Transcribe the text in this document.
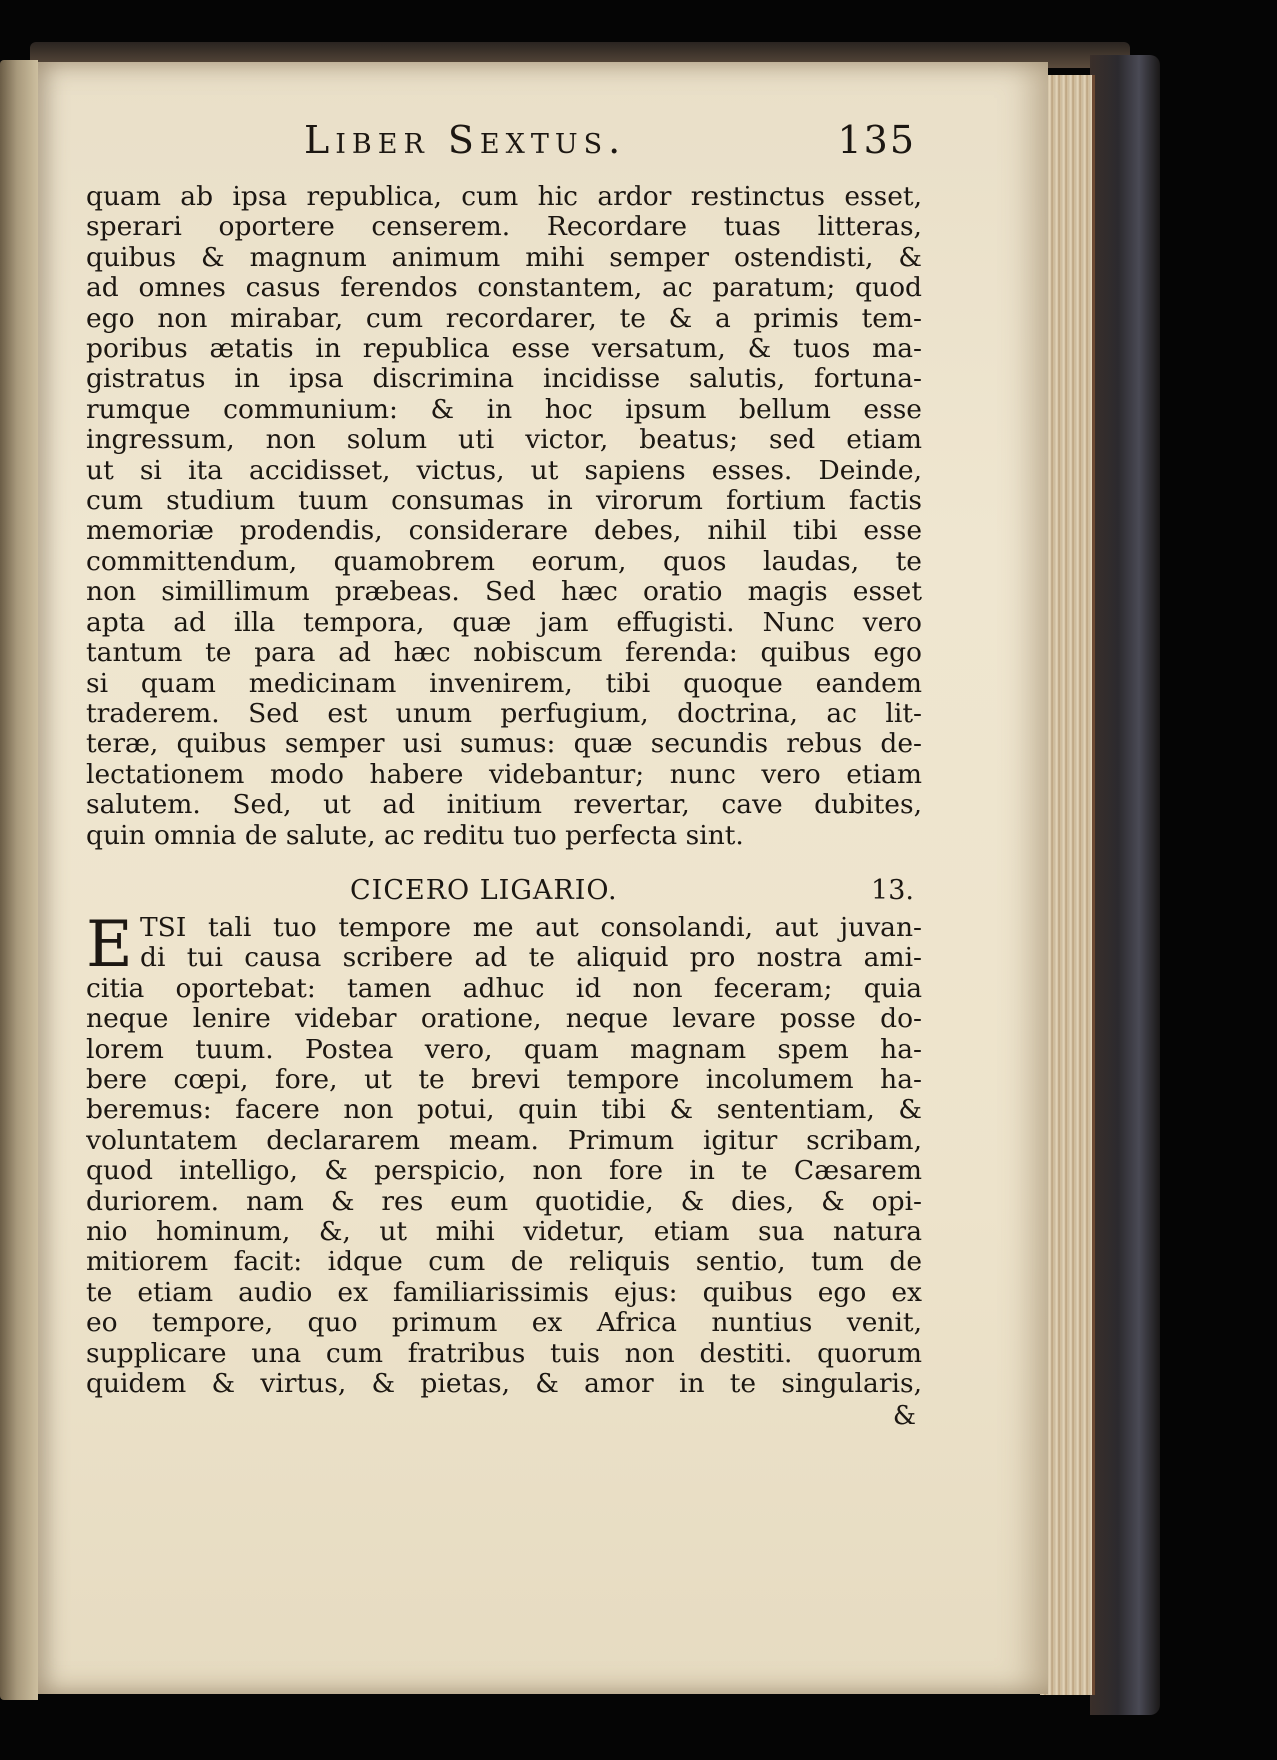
Liber Sextus.	135
quam ab ipsa republica, cum hic ardor restinctus esset,
sperari oportere censerem. Recordare tuas litteras,
quibus & magnum animum mihi semper ostendisti, &
ad omnes casus ferendos constantem, ac paratum; quod
ego non mirabar, cum recordarer, te & a primis tem-
poribus ætatis in republica esse versatum, & tuos ma-
gistratus in ipsa discrimina incidisse salutis, fortuna-
rumque communium: & in hoc ipsum bellum esse
ingressum, non solum uti victor, beatus; sed etiam
ut si ita accidisset, victus, ut sapiens esses. Deinde,
cum studium tuum consumas in virorum fortium factis
memoriæ prodendis, considerare debes, nihil tibi esse
committendum, quamobrem eorum, quos laudas, te
non simillimum præbeas. Sed hæc oratio magis esset
apta ad illa tempora, quæ jam effugisti. Nunc vero
tantum te para ad hæc nobiscum ferenda: quibus ego
si quam medicinam invenirem, tibi quoque eandem
traderem. Sed est unum perfugium, doctrina, ac lit-
teræ, quibus semper usi sumus: quæ secundis rebus de-
lectationem modo habere videbantur; nunc vero etiam
salutem. Sed, ut ad initium revertar, cave dubites,
quin omnia de salute, ac reditu tuo perfecta sint.
CICERO LIGARIO.	13.
E TSI tali tuo tempore me aut consolandi, aut juvan-
di tui causa scribere ad te aliquid pro nostra ami-
citia oportebat: tamen adhuc id non feceram; quia
neque lenire videbar oratione, neque levare posse do-
lorem tuum. Postea vero, quam magnam spem ha-
bere cœpi, fore, ut te brevi tempore incolumem ha-
beremus: facere non potui, quin tibi & sententiam, &
voluntatem declararem meam. Primum igitur scribam,
quod intelligo, & perspicio, non fore in te Cæsarem
duriorem. nam & res eum quotidie, & dies, & opi-
nio hominum, &, ut mihi videtur, etiam sua natura
mitiorem facit: idque cum de reliquis sentio, tum de
te etiam audio ex familiarissimis ejus: quibus ego ex
eo tempore, quo primum ex Africa nuntius venit,
supplicare una cum fratribus tuis non destiti. quorum
quidem & virtus, & pietas, & amor in te singularis,
&
